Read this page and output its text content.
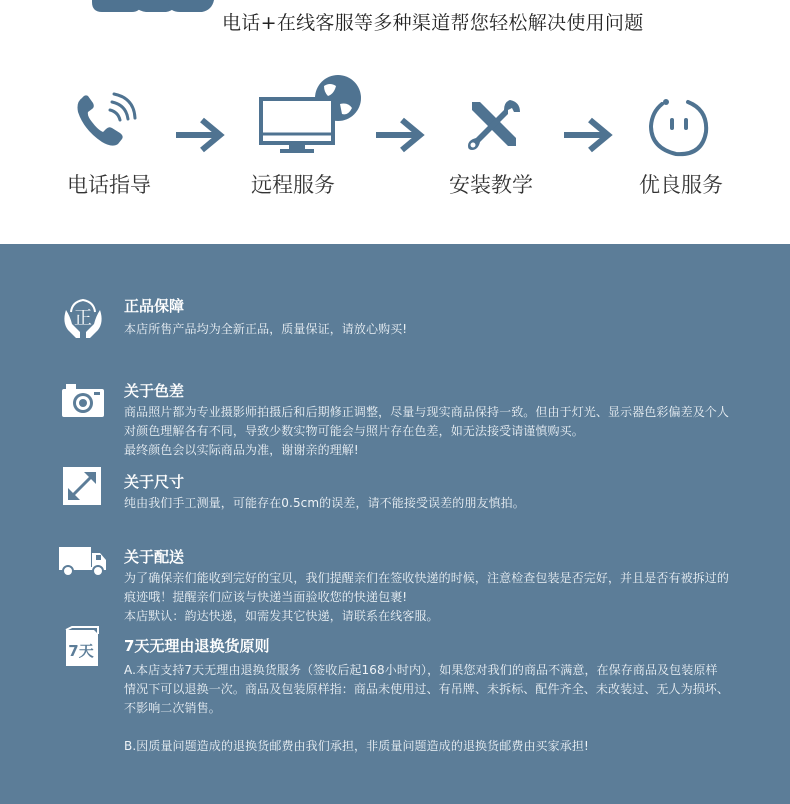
电话+在线客服等多种渠道帮您轻松解决使用问题
电话指导	远程服务	安装教学	优良服务
正
正品保障
本店所售产品均为全新正品，质量保证，请放心购买!
关于色差
商品照片都为专业摄影师拍摄后和后期修正调整，尽量与现实商品保持一致。但由于灯光、显示器色彩偏差及个人
对颜色理解各有不同，导致少数实物可能会与照片存在色差，如无法接受请谨慎购买。
最终颜色会以实际商品为准，谢谢亲的理解!
关于尺寸
纯由我们手工测量，可能存在0.5cm的误差，请不能接受误差的朋友慎拍。
关于配送
为了确保亲们能收到完好的宝贝，我们提醒亲们在签收快递的时候，注意检查包装是否完好，并且是否有被拆过的
痕迹哦！提醒亲们应该与快递当面验收您的快递包裹!
本店默认：韵达快递，如需发其它快递，请联系在线客服。
7天 7天无理由退换货原则
A.本店支持7天无理由退换货服务（签收后起168小时内），如果您对我们的商品不满意，在保存商品及包装原样
情况下可以退换一次。商品及包装原样指：商品未使用过、有吊牌、未拆标、配件齐全、未改装过、无人为损坏、
不影响二次销售。
B.因质量问题造成的退换货邮费由我们承担，非质量问题造成的退换货邮费由买家承担!
